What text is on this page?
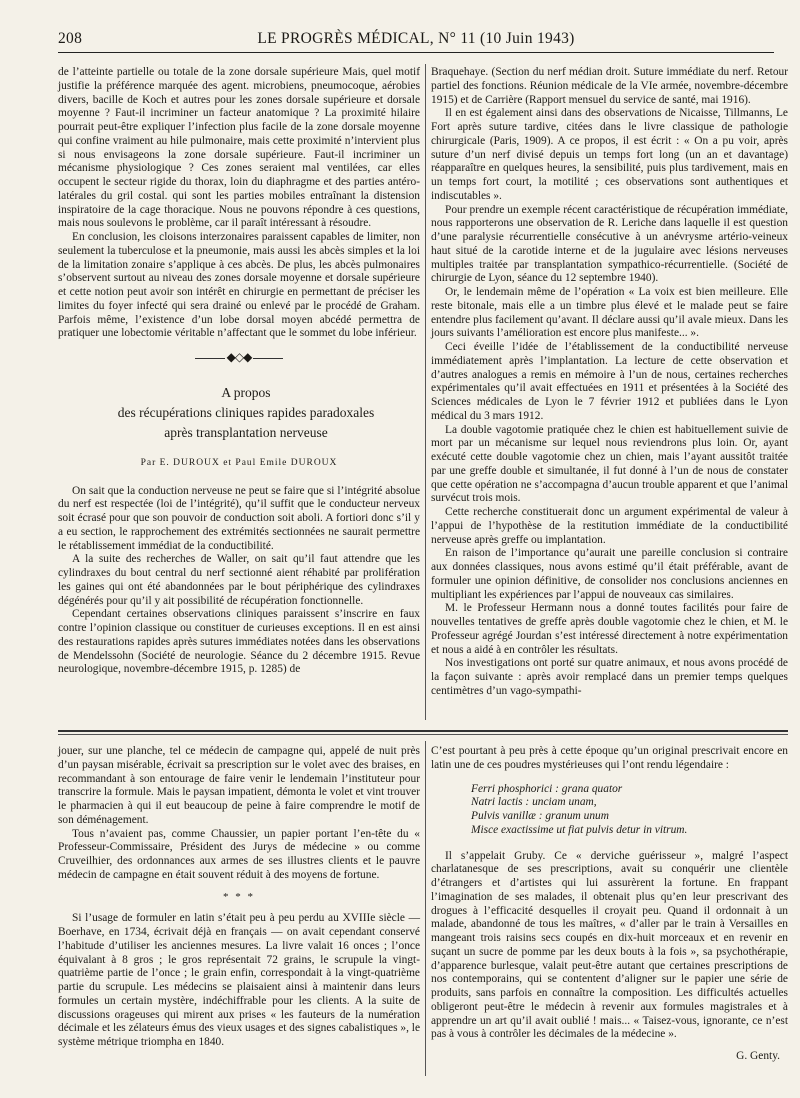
208	LE PROGRÈS MÉDICAL, N° 11 (10 Juin 1943)

de l’atteinte partielle ou totale de la zone dorsale supérieure Mais, quel motif justifie la préférence marquée des agent. microbiens, pneumocoque, aérobies divers, bacille de Koch et autres pour les zones dorsale supérieure et dorsale moyenne ? Faut-il incriminer un facteur anatomique ? La proximité hilaire pourrait peut-être expliquer l’infection plus facile de la zone dorsale moyenne qui confine vraiment au hile pulmonaire, mais cette proximité n’intervient plus si nous envisageons la zone dorsale supérieure. Faut-il incriminer un mécanisme physiologique ? Ces zones seraient mal ventilées, car elles occupent le secteur rigide du thorax, loin du diaphragme et des parties antéro-latérales du gril costal. qui sont les parties mobiles entraînant la distension inspiratoire de la cage thoracique. Nous ne pouvons répondre à ces questions, mais nous soulevons le problème, car il paraît intéressant à résoudre.

En conclusion, les cloisons interzonaires paraissent capables de limiter, non seulement la tuberculose et la pneumonie, mais aussi les abcès simples et la loi de la limitation zonaire s’applique à ces abcès. De plus, les abcès pulmonaires s’observent surtout au niveau des zones dorsale moyenne et dorsale supérieure et cette notion peut avoir son intérêt en chirurgie en permettant de préciser les limites du foyer infecté qui sera drainé ou enlevé par le procédé de Graham. Parfois même, l’existence d’un lobe dorsal moyen abcédé permettra de pratiquer une lobectomie véritable n’affectant que le sommet du lobe inférieur.

◆◇◆

A propos

des récupérations cliniques rapides paradoxales

après transplantation nerveuse

Par E. DUROUX et Paul Emile DUROUX

On sait que la conduction nerveuse ne peut se faire que si l’intégrité absolue du nerf est respectée (loi de l’intégrité), qu’il suffit que le conducteur nerveux soit écrasé pour que son pouvoir de conduction soit aboli. A fortiori donc s’il y a eu section, le rapprochement des extrémités sectionnées ne saurait permettre le rétablissement immédiat de la conductibilité.

A la suite des recherches de Waller, on sait qu’il faut attendre que les cylindraxes du bout central du nerf sectionné aient réhabité par prolifération les gaines qui ont été abandonnées par le bout périphérique des cylindraxes dégénérés pour qu’il y ait possibilité de récupération fonctionnelle.

Cependant certaines observations cliniques paraissent s’inscrire en faux contre l’opinion classique ou constituer de curieuses exceptions. Il en est ainsi des restaurations rapides après sutures immédiates notées dans les observations de Mendelssohn (Société de neurologie. Séance du 2 décembre 1915. Revue neurologique, novembre-décembre 1915, p. 1285) de

Braquehaye. (Section du nerf médian droit. Suture immédiate du nerf. Retour partiel des fonctions. Réunion médicale de la VIe armée, novembre-décembre 1915) et de Carrière (Rapport mensuel du service de santé, mai 1916).

Il en est également ainsi dans des observations de Nicaisse, Tillmanns, Le Fort après suture tardive, citées dans le livre classique de pathologie chirurgicale (Paris, 1909). A ce propos, il est écrit : « On a pu voir, après suture d’un nerf divisé depuis un temps fort long (un an et davantage) réapparaître en quelques heures, la sensibilité, puis plus tardivement, mais en un temps fort court, la motilité ; ces observations sont authentiques et indiscutables ».

Pour prendre un exemple récent caractéristique de récupération immédiate, nous rapporterons une observation de R. Leriche dans laquelle il est question d’une paralysie récurrentielle consécutive à un anévrysme artério-veineux haut situé de la carotide interne et de la jugulaire avec lésions nerveuses multiples traitée par transplantation sympathico-récurrentielle. (Société de chirurgie de Lyon, séance du 12 septembre 1940).

Or, le lendemain même de l’opération « La voix est bien meilleure. Elle reste bitonale, mais elle a un timbre plus élevé et le malade peut se faire entendre plus facilement qu’avant. Il déclare aussi qu’il avale mieux. Dans les jours suivants l’amélioration est encore plus manifeste... ».

Ceci éveille l’idée de l’établissement de la conductibilité nerveuse immédiatement après l’implantation. La lecture de cette observation et d’autres analogues a remis en mémoire à l’un de nous, certaines recherches expérimentales qu’il avait effectuées en 1911 et présentées à la Société des Sciences médicales de Lyon le 7 février 1912 et publiées dans le Lyon médical du 3 mars 1912.

La double vagotomie pratiquée chez le chien est habituellement suivie de mort par un mécanisme sur lequel nous reviendrons plus loin. Or, ayant exécuté cette double vagotomie chez un chien, mais l’ayant aussitôt traitée par une greffe double et simultanée, il fut donné à l’un de nous de constater que cette opération ne s’accompagna d’aucun trouble apparent et que l’animal survécut trois mois.

Cette recherche constituerait donc un argument expérimental de valeur à l’appui de l’hypothèse de la restitution immédiate de la conductibilité nerveuse après greffe ou implantation.

En raison de l’importance qu’aurait une pareille conclusion si contraire aux données classiques, nous avons estimé qu’il était préférable, avant de formuler une opinion définitive, de consolider nos conclusions anciennes en multipliant les expériences par l’appui de nouveaux cas similaires.

M. le Professeur Hermann nous a donné toutes facilités pour faire de nouvelles tentatives de greffe après double vagotomie chez le chien, et M. le Professeur agrégé Jourdan s’est intéressé directement à notre expérimentation et nous a aidé à en contrôler les résultats.

Nos investigations ont porté sur quatre animaux, et nous avons procédé de la façon suivante : après avoir remplacé dans un premier temps quelques centimètres d’un vago-sympathi-

jouer, sur une planche, tel ce médecin de campagne qui, appelé de nuit près d’un paysan misérable, écrivait sa prescription sur le volet avec des braises, en recommandant à son entourage de faire venir le lendemain l’instituteur pour transcrire la formule. Mais le paysan impatient, démonta le volet et vint trouver le pharmacien à qui il eut beaucoup de peine à faire comprendre le motif de son déménagement.

Tous n’avaient pas, comme Chaussier, un papier portant l’en-tête du « Professeur-Commissaire, Président des Jurys de médecine » ou comme Cruveilhier, des ordonnances aux armes de ses illustres clients et le pauvre médecin de campagne en était souvent réduit à des moyens de fortune.

* * *

Si l’usage de formuler en latin s’était peu à peu perdu au XVIIIe siècle — Boerhave, en 1734, écrivait déjà en français — on avait cependant conservé l’habitude d’utiliser les anciennes mesures. La livre valait 16 onces ; l’once équivalant à 8 gros ; le gros représentait 72 grains, le scrupule la vingt-quatrième partie de l’once ; le grain enfin, correspondait à la vingt-quatrième partie du scrupule. Les médecins se plaisaient ainsi à maintenir dans leurs formules un certain mystère, indéchiffrable pour les clients. A la suite de discussions orageuses qui mirent aux prises « les fauteurs de la numération décimale et les zélateurs émus des vieux usages et des signes cabalistiques », le système métrique triompha en 1840.

C’est pourtant à peu près à cette époque qu’un original prescrivait encore en latin une de ces poudres mystérieuses qui l’ont rendu légendaire :

Ferri phosphorici : grana quator
Natri lactis : unciam unam,
Pulvis vanillæ : granum unum
Misce exactissime ut fiat pulvis detur in vitrum.

Il s’appelait Gruby. Ce « derviche guérisseur », malgré l’aspect charlatanesque de ses prescriptions, avait su conquérir une clientèle d’étrangers et d’artistes qui lui assurèrent la fortune. En frappant l’imagination de ses malades, il obtenait plus qu’en leur prescrivant des drogues à l’efficacité desquelles il croyait peu. Quand il ordonnait à un malade, abandonné de tous les maîtres, « d’aller par le train à Versailles en mangeant trois raisins secs coupés en dix-huit morceaux et en revenir en suçant un sucre de pomme par les deux bouts à la fois », sa psychothérapie, d’apparence burlesque, valait peut-être autant que certaines prescriptions de nos contemporains, qui se contentent d’aligner sur le papier une série de produits, sans parfois en connaître la composition. Les difficultés actuelles obligeront peut-être le médecin à revenir aux formules magistrales et à apprendre un art qu’il avait oublié ! mais... « Taisez-vous, ignorante, ce n’est pas à vous à contrôler les décimales de la médecine ».

G. Genty.
